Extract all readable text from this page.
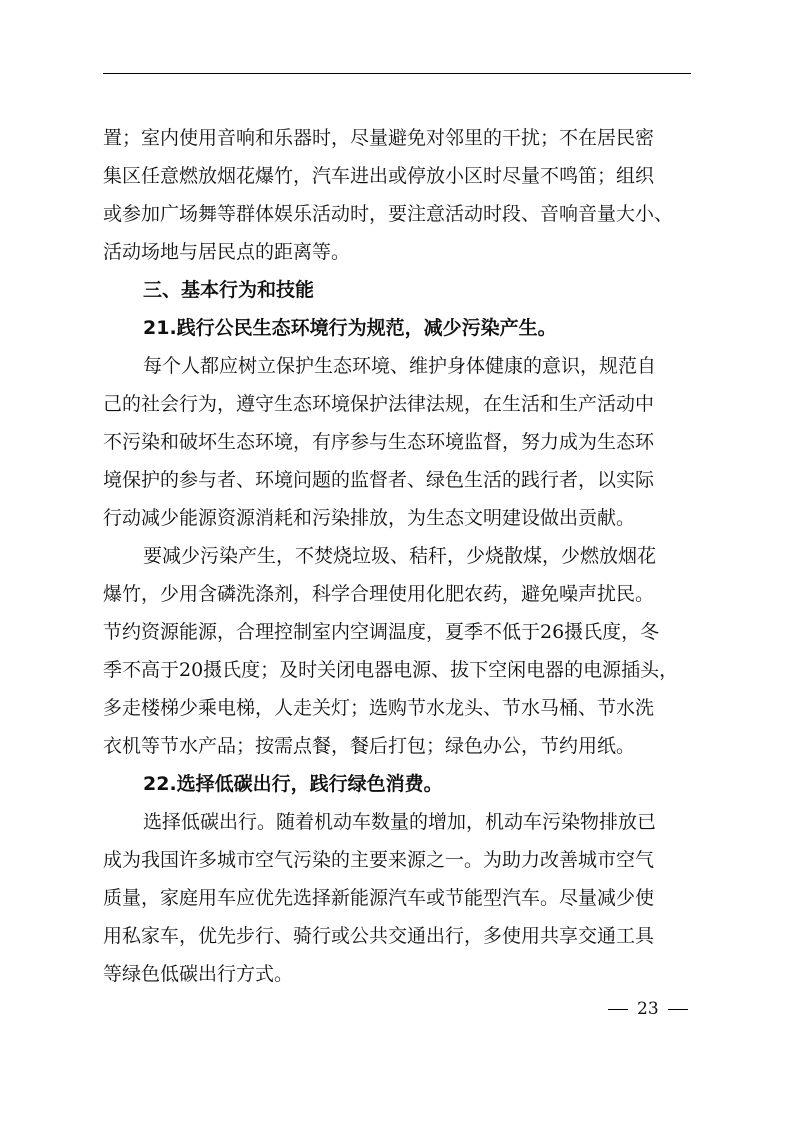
置；室内使用音响和乐器时，尽量避免对邻里的干扰；不在居民密
集区任意燃放烟花爆竹，汽车进出或停放小区时尽量不鸣笛；组织
或参加广场舞等群体娱乐活动时，要注意活动时段、音响音量大小、
活动场地与居民点的距离等。
三、基本行为和技能
21.践行公民生态环境行为规范，减少污染产生。
每个人都应树立保护生态环境、维护身体健康的意识，规范自
己的社会行为，遵守生态环境保护法律法规，在生活和生产活动中
不污染和破坏生态环境，有序参与生态环境监督，努力成为生态环
境保护的参与者、环境问题的监督者、绿色生活的践行者，以实际
行动减少能源资源消耗和污染排放，为生态文明建设做出贡献。
要减少污染产生，不焚烧垃圾、秸秆，少烧散煤，少燃放烟花
爆竹，少用含磷洗涤剂，科学合理使用化肥农药，避免噪声扰民。
节约资源能源，合理控制室内空调温度，夏季不低于26摄氏度，冬
季不高于20摄氏度；及时关闭电器电源、拔下空闲电器的电源插头，
多走楼梯少乘电梯，人走关灯；选购节水龙头、节水马桶、节水洗
衣机等节水产品；按需点餐，餐后打包；绿色办公，节约用纸。
22.选择低碳出行，践行绿色消费。
选择低碳出行。随着机动车数量的增加，机动车污染物排放已
成为我国许多城市空气污染的主要来源之一。为助力改善城市空气
质量，家庭用车应优先选择新能源汽车或节能型汽车。尽量减少使
用私家车，优先步行、骑行或公共交通出行，多使用共享交通工具
等绿色低碳出行方式。
23
